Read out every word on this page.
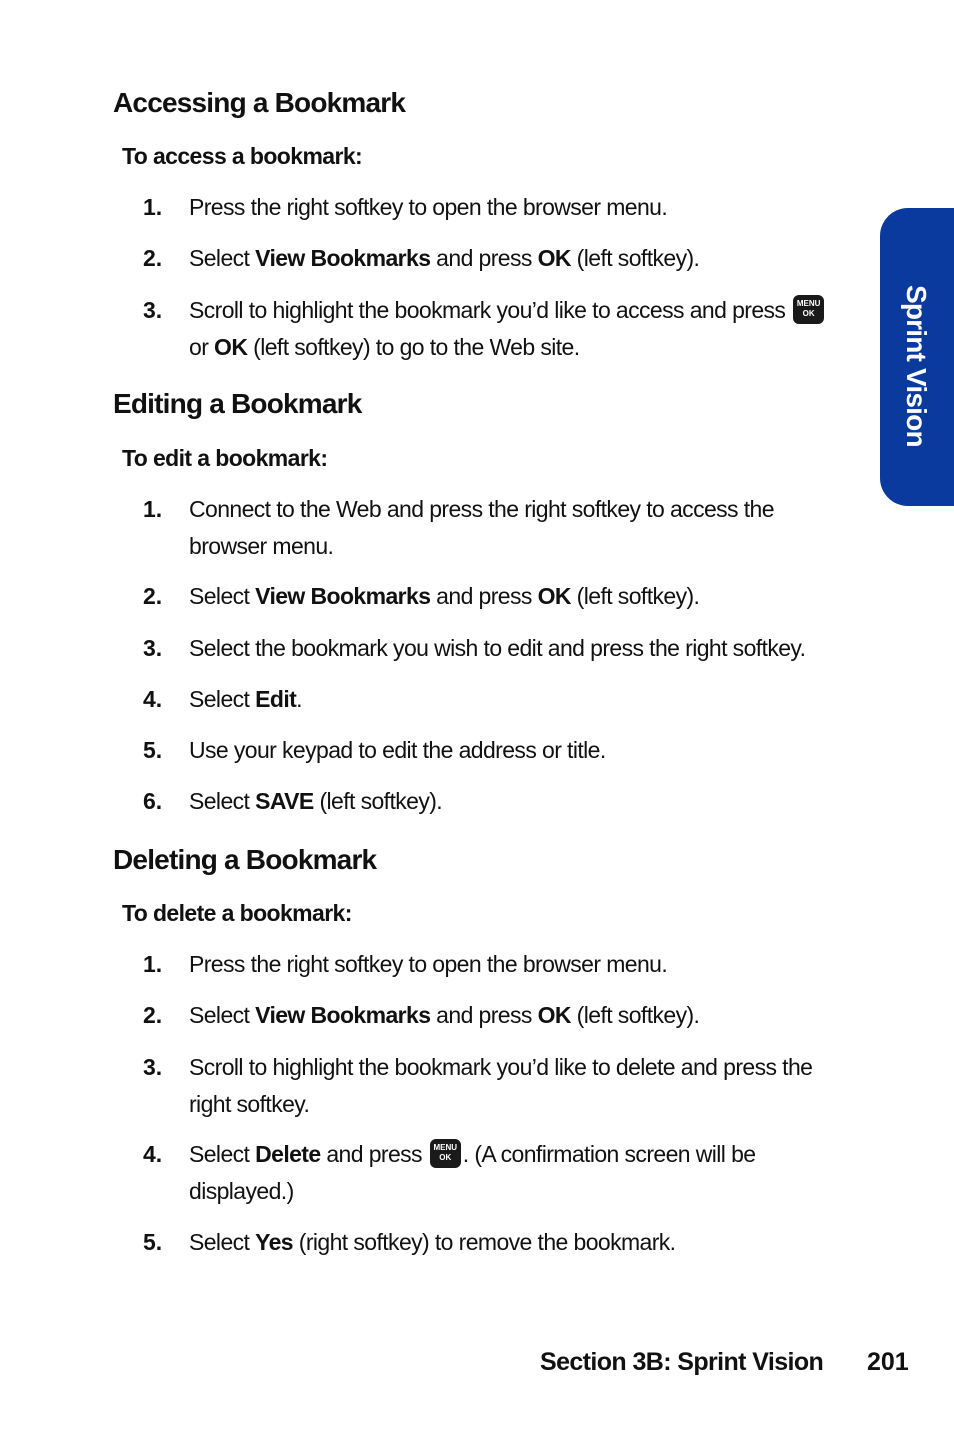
Sprint Vision
Accessing a Bookmark
To access a bookmark:
1. Press the right softkey to open the browser menu.
2. Select View Bookmarks and press OK (left softkey).
3. Scroll to highlight the bookmark you’d like to access and press MENU
OK
or OK (left softkey) to go to the Web site.
Editing a Bookmark
To edit a bookmark:
1. Connect to the Web and press the right softkey to access the browser menu.
2. Select View Bookmarks and press OK (left softkey).
3. Select the bookmark you wish to edit and press the right softkey.
4. Select Edit.
5. Use your keypad to edit the address or title.
6. Select SAVE (left softkey).
Deleting a Bookmark
To delete a bookmark:
1. Press the right softkey to open the browser menu.
2. Select View Bookmarks and press OK (left softkey).
3. Scroll to highlight the bookmark you’d like to delete and press the right softkey.
4. Select Delete and press MENU
OK . (A confirmation screen will be displayed.)
5. Select Yes (right softkey) to remove the bookmark.
Section 3B: Sprint Vision 201
